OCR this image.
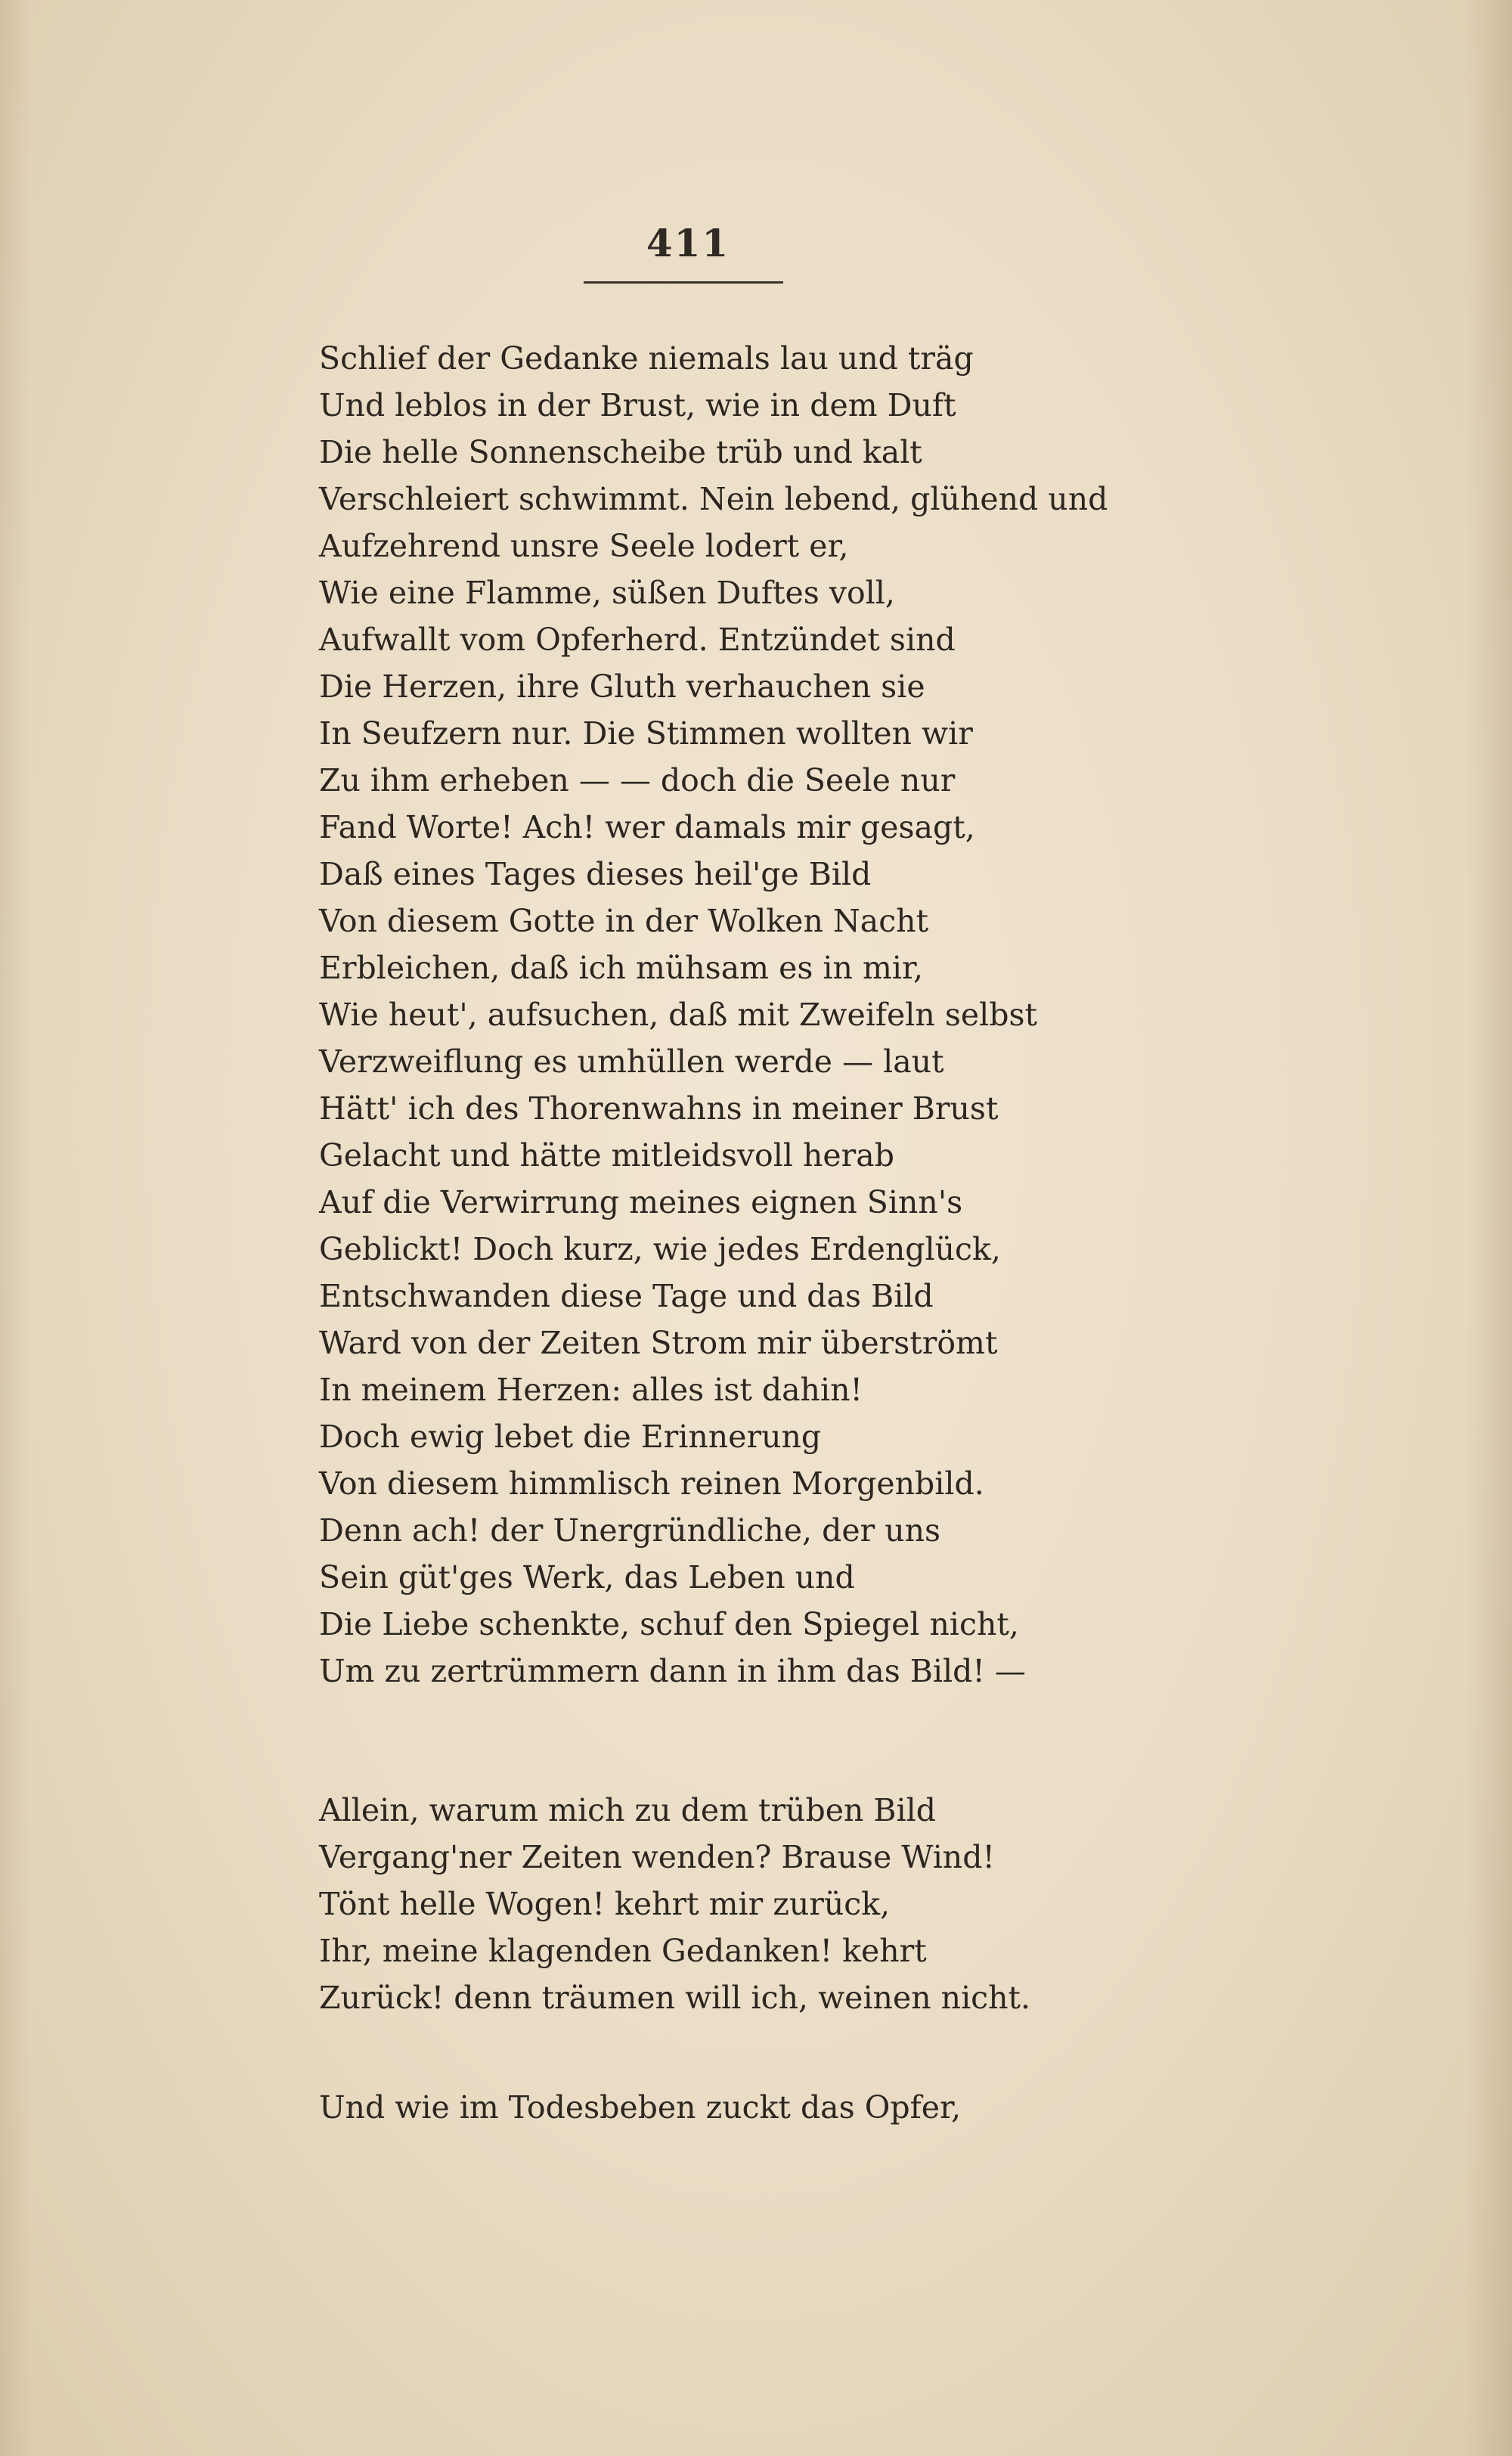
411
Schlief der Gedanke niemals lau und träg
Und leblos in der Brust, wie in dem Duft
Die helle Sonnenscheibe trüb und kalt
Verschleiert schwimmt. Nein lebend, glühend und
Aufzehrend unsre Seele lodert er,
Wie eine Flamme, süßen Duftes voll,
Aufwallt vom Opferherd. Entzündet sind
Die Herzen, ihre Gluth verhauchen sie
In Seufzern nur. Die Stimmen wollten wir
Zu ihm erheben — — doch die Seele nur
Fand Worte! Ach! wer damals mir gesagt,
Daß eines Tages dieses heil'ge Bild
Von diesem Gotte in der Wolken Nacht
Erbleichen, daß ich mühsam es in mir,
Wie heut', aufsuchen, daß mit Zweifeln selbst
Verzweiflung es umhüllen werde — laut
Hätt' ich des Thorenwahns in meiner Brust
Gelacht und hätte mitleidsvoll herab
Auf die Verwirrung meines eignen Sinn's
Geblickt! Doch kurz, wie jedes Erdenglück,
Entschwanden diese Tage und das Bild
Ward von der Zeiten Strom mir überströmt
In meinem Herzen: alles ist dahin!
Doch ewig lebet die Erinnerung
Von diesem himmlisch reinen Morgenbild.
Denn ach! der Unergründliche, der uns
Sein güt'ges Werk, das Leben und
Die Liebe schenkte, schuf den Spiegel nicht,
Um zu zertrümmern dann in ihm das Bild! —
Allein, warum mich zu dem trüben Bild
Vergang'ner Zeiten wenden? Brause Wind!
Tönt helle Wogen! kehrt mir zurück,
Ihr, meine klagenden Gedanken! kehrt
Zurück! denn träumen will ich, weinen nicht.
Und wie im Todesbeben zuckt das Opfer,
